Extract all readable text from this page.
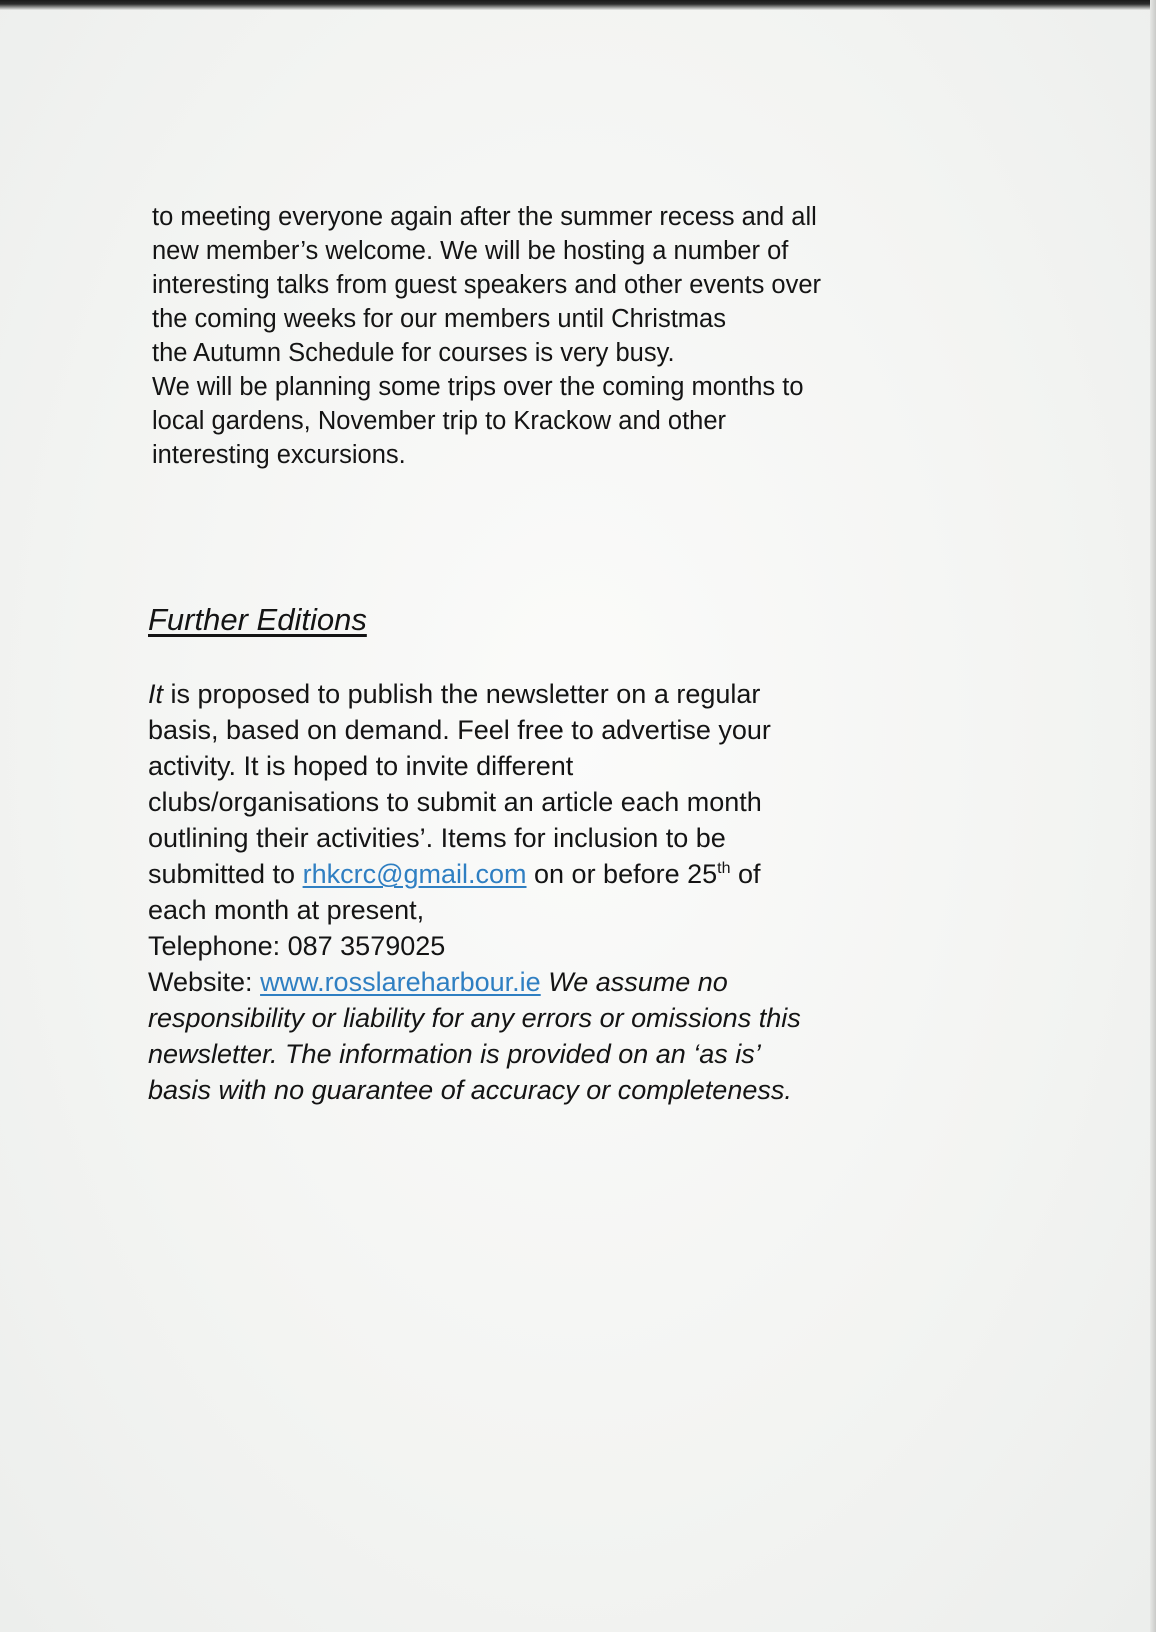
to meeting everyone again after the summer recess and all
new member’s welcome. We will be hosting a number of
interesting talks from guest speakers and other events over
the coming weeks for our members until Christmas
the Autumn Schedule for courses is very busy.
We will be planning some trips over the coming months to
local gardens, November trip to Krackow and other
interesting excursions.

Further Editions

It is proposed to publish the newsletter on a regular
basis, based on demand. Feel free to advertise your
activity. It is hoped to invite different
clubs/organisations to submit an article each month
outlining their activities’. Items for inclusion to be
submitted to rhkcrc@gmail.com on or before 25th of
each month at present,
Telephone: 087 3579025
Website: www.rosslareharbour.ie We assume no
responsibility or liability for any errors or omissions this
newsletter. The information is provided on an ‘as is’
basis with no guarantee of accuracy or completeness.
